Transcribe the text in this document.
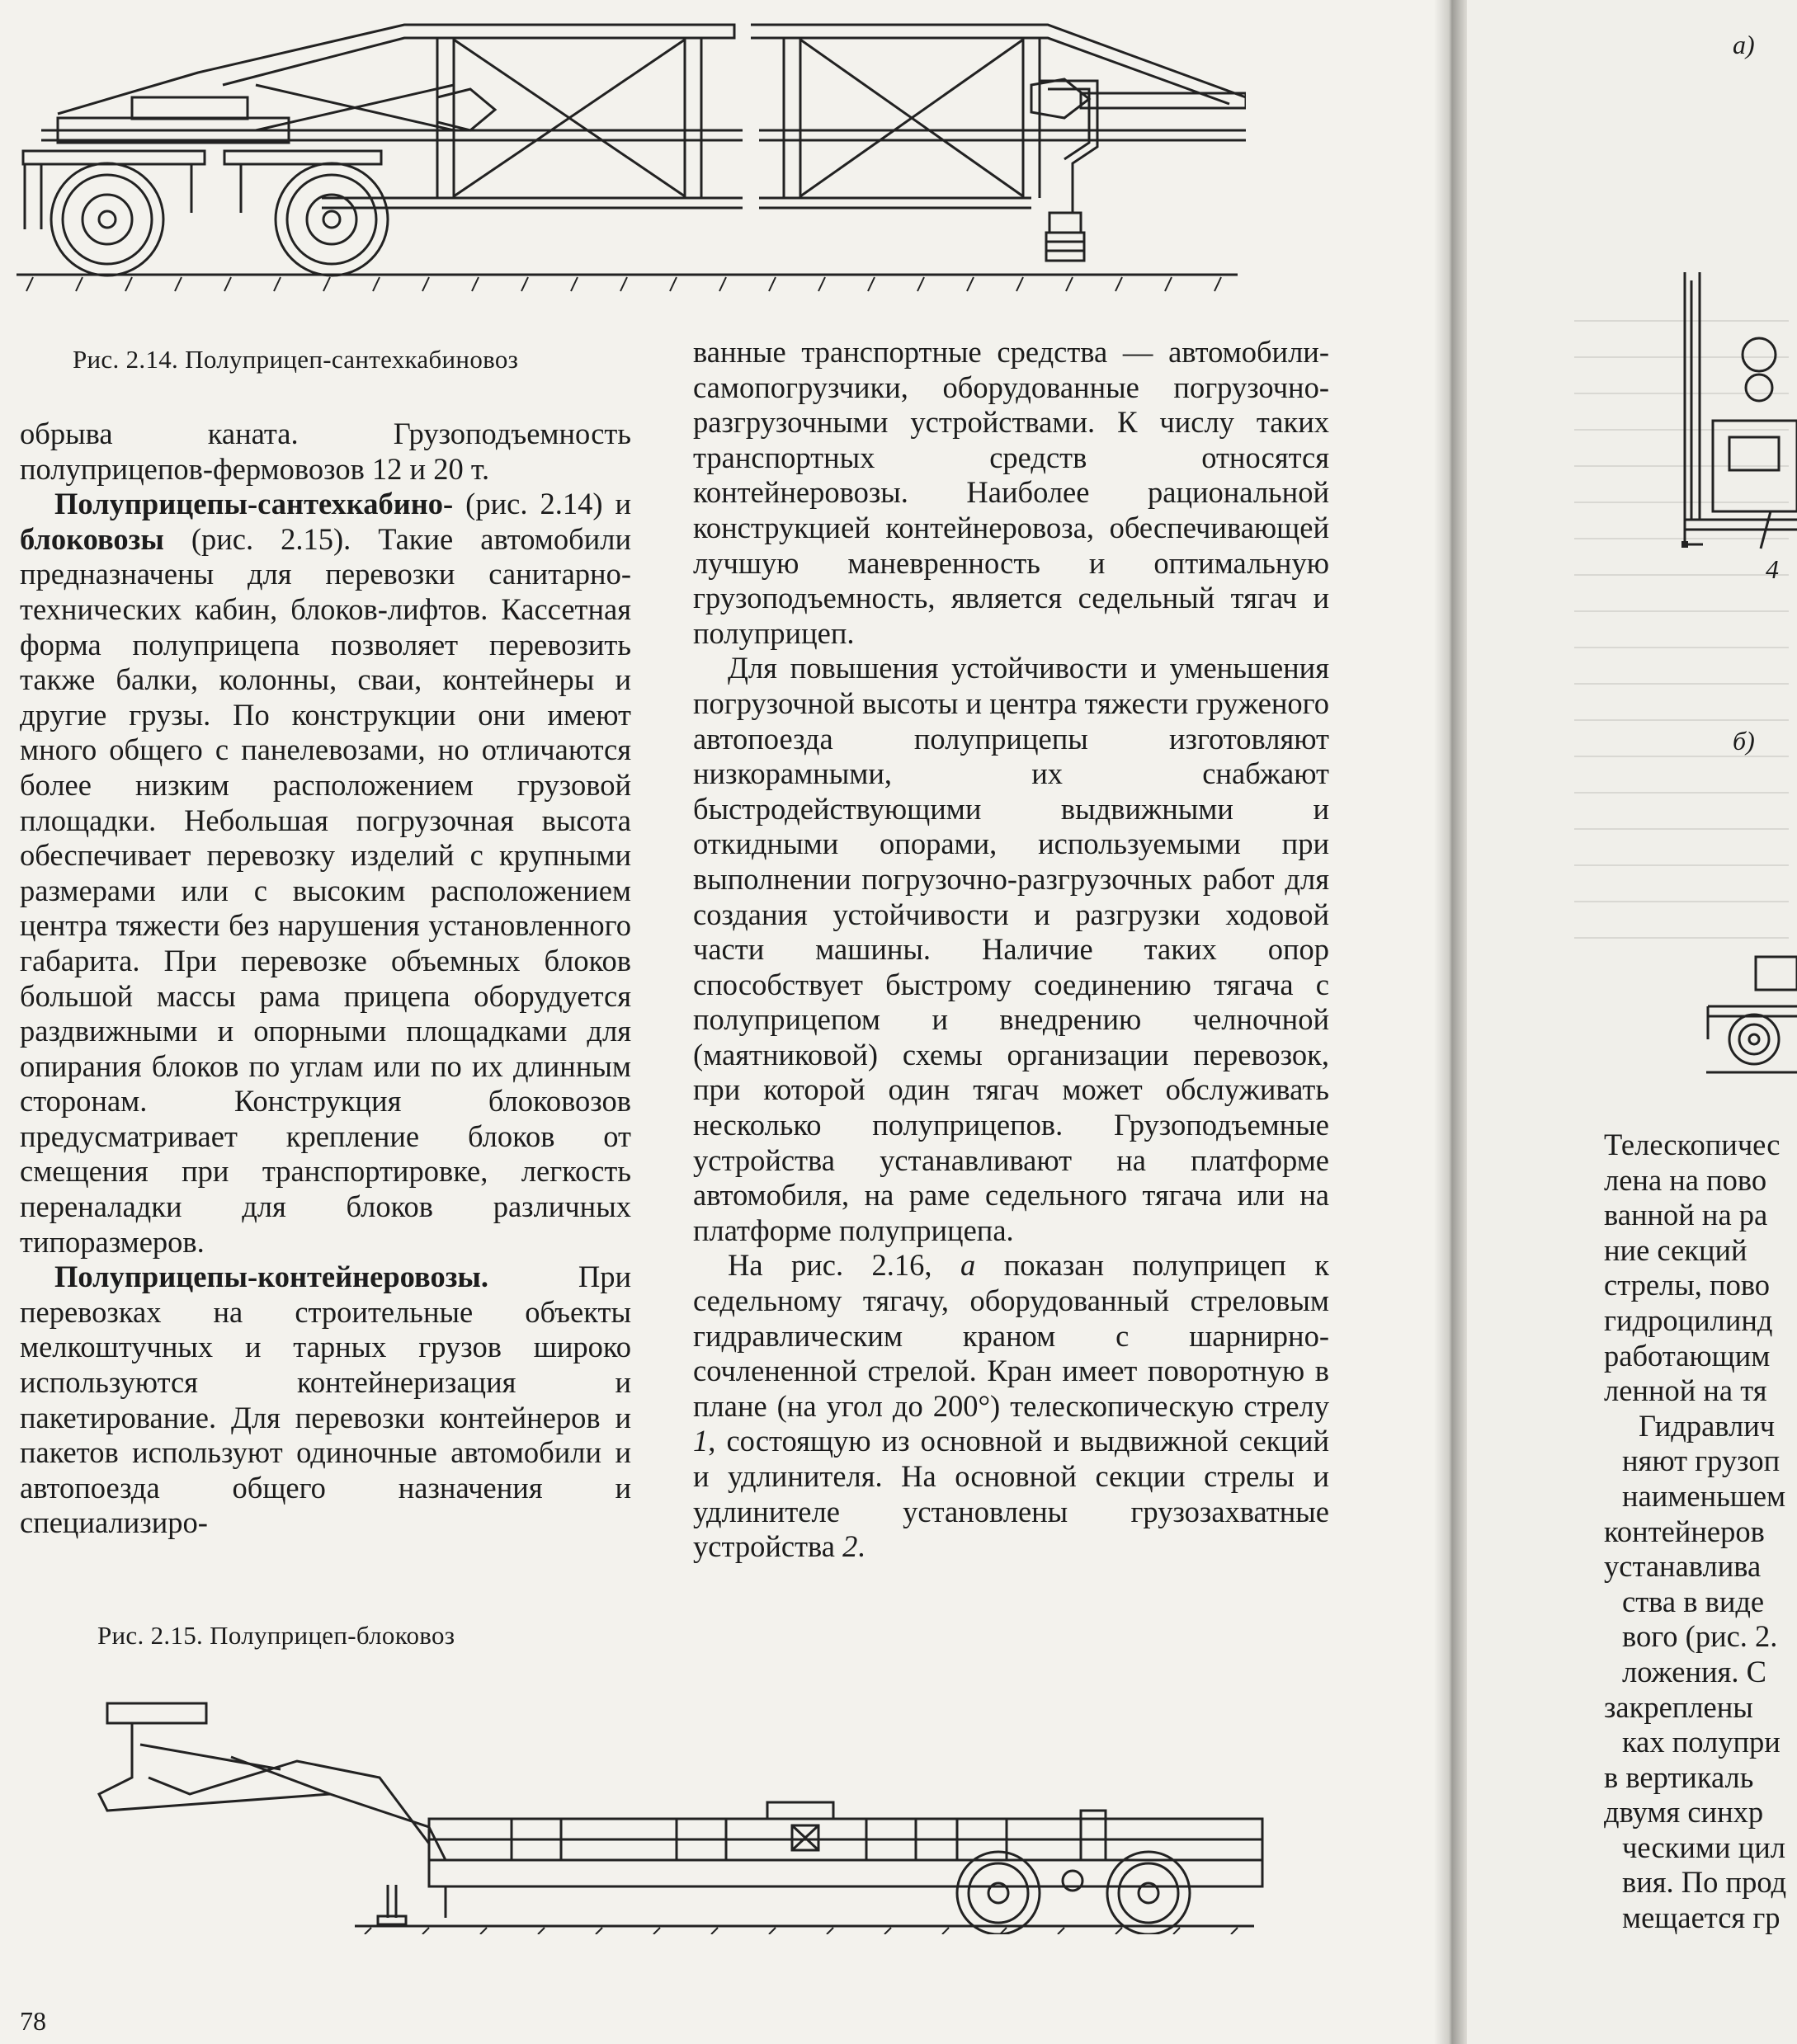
Рис. 2.14. Полуприцеп-сантехкабиновоз

обрыва каната. Грузоподъемность полуприцепов-фермовозов 12 и 20 т.

Полуприцепы-сантехкабино- (рис. 2.14) и блоковозы (рис. 2.15). Такие автомобили предназначены для перевозки санитарно-технических кабин, блоков-лифтов. Кассетная форма полуприцепа позволяет перевозить также балки, колонны, сваи, контейнеры и другие грузы. По конструкции они имеют много общего с панелевозами, но отличаются более низким расположением грузовой площадки. Небольшая погрузочная высота обеспечивает перевозку изделий с крупными размерами или с высоким расположением центра тяжести без нарушения установленного габарита. При перевозке объемных блоков большой массы рама прицепа оборудуется раздвижными и опорными площадками для опирания блоков по углам или по их длинным сторонам. Конструкция блоковозов предусматривает крепление блоков от смещения при транспортировке, легкость переналадки для блоков различных типоразмеров.

Полуприцепы-контейнеровозы. При перевозках на строительные объекты мелкоштучных и тарных грузов широко используются контейнеризация и пакетирование. Для перевозки контейнеров и пакетов используют одиночные автомобили и автопоезда общего назначения и специализиро-

ванные транспортные средства — автомобили-самопогрузчики, оборудованные погрузочно-разгрузочными устройствами. К числу таких транспортных средств относятся контейнеровозы. Наиболее рациональной конструкцией контейнеровоза, обеспечивающей лучшую маневренность и оптимальную грузоподъемность, является седельный тягач и полуприцеп.

Для повышения устойчивости и уменьшения погрузочной высоты и центра тяжести груженого автопоезда полуприцепы изготовляют низкорамными, их снабжают быстродействующими выдвижными и откидными опорами, используемыми при выполнении погрузочно-разгрузочных работ для создания устойчивости и разгрузки ходовой части машины. Наличие таких опор способствует быстрому соединению тягача с полуприцепом и внедрению челночной (маятниковой) схемы организации перевозок, при которой один тягач может обслуживать несколько полуприцепов. Грузоподъемные устройства устанавливают на платформе автомобиля, на раме седельного тягача или на платформе полуприцепа.

На рис. 2.16, а показан полуприцеп к седельному тягачу, оборудованный стреловым гидравлическим краном с шарнирно-сочлененной стрелой. Кран имеет поворотную в плане (на угол до 200°) телескопическую стрелу 1, состоящую из основной и выдвижной секций и удлинителя. На основной секции стрелы и удлинителе установлены грузозахватные устройства 2.

Рис. 2.15. Полуприцеп-блоковоз
78
а)
4
б)
Телескопичес
лена на пово
ванной на ра
ние секций
стрелы, пово
гидроцилинд
работающим
ленной на тя
Гидравлич
няют грузоп
наименьшем
контейнеров
устанавлива
ства в виде
вого (рис. 2.
ложения. С
закреплены
ках полупри
в вертикаль
двумя синхр
ческими цил
вия. По прод
мещается гр
